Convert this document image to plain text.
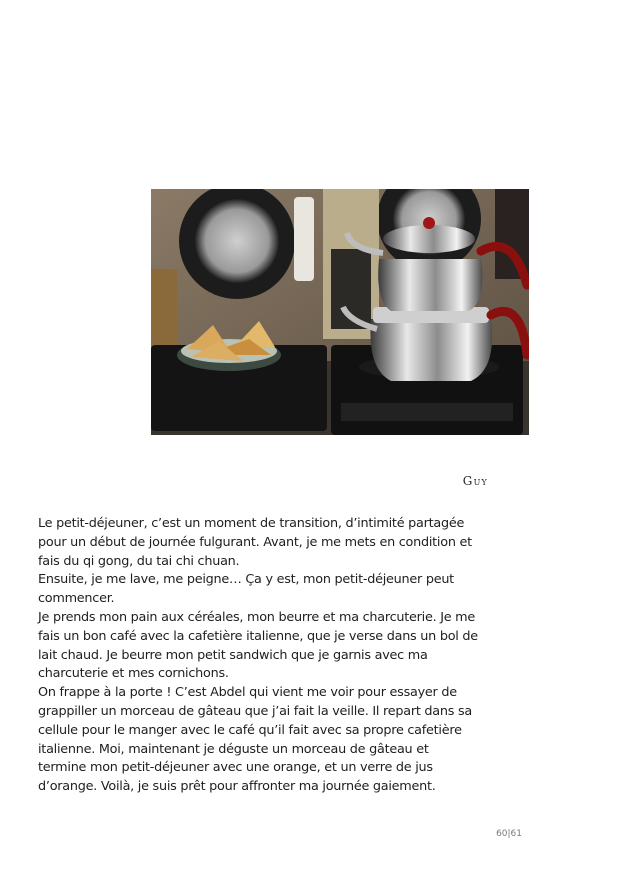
Guy

Le petit-déjeuner, c’est un moment de transition, d’intimité partagée pour un début de journée fulgurant. Avant, je me mets en condition et fais du qi gong, du tai chi chuan.

Ensuite, je me lave, me peigne… Ça y est, mon petit-déjeuner peut commencer.

Je prends mon pain aux céréales, mon beurre et ma charcuterie. Je me fais un bon café avec la cafetière italienne, que je verse dans un bol de lait chaud. Je beurre mon petit sandwich que je garnis avec ma charcuterie et mes cornichons.

On frappe à la porte ! C’est Abdel qui vient me voir pour essayer de grappiller un morceau de gâteau que j’ai fait la veille. Il repart dans sa cellule pour le manger avec le café qu’il fait avec sa propre cafetière italienne. Moi, maintenant je déguste un morceau de gâteau et termine mon petit-déjeuner avec une orange, et un verre de jus d’orange. Voilà, je suis prêt pour affronter ma journée gaiement.

60|61
